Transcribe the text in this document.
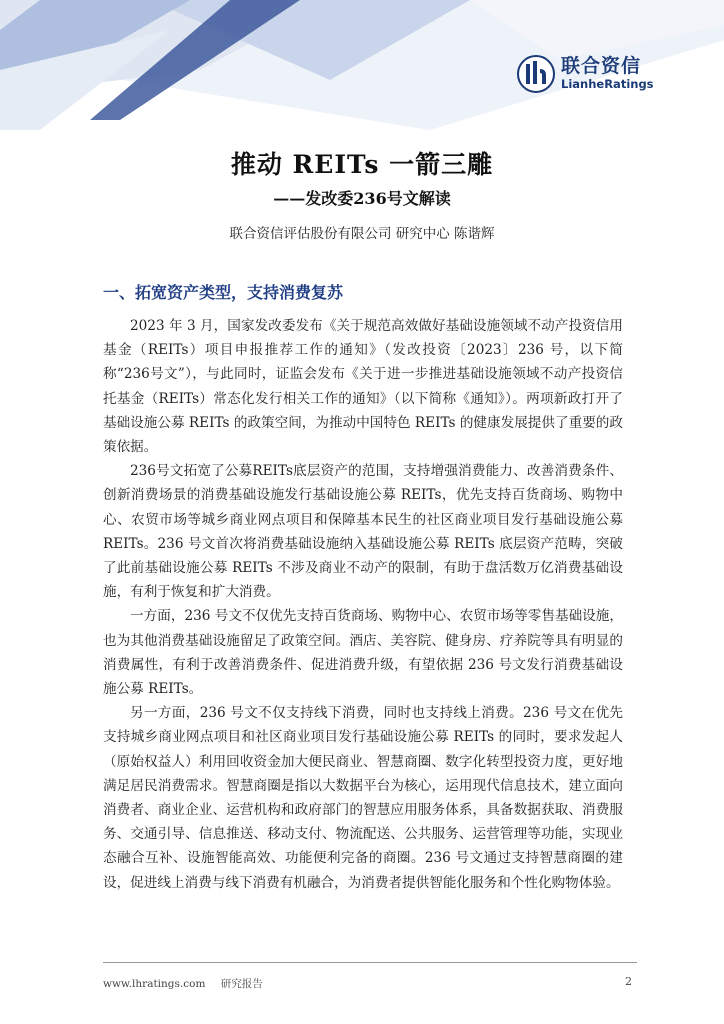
联合资信
LianheRatings
推动 REITs 一箭三雕
——发改委236号文解读
联合资信评估股份有限公司 研究中心 陈谐辉
一、拓宽资产类型，支持消费复苏

2023 年 3 月，国家发改委发布《关于规范高效做好基础设施领域不动产投资信用基金（REITs）项目申报推荐工作的通知》（发改投资〔2023〕236 号，以下简称“236号文”），与此同时，证监会发布《关于进一步推进基础设施领域不动产投资信托基金（REITs）常态化发行相关工作的通知》（以下简称《通知》）。两项新政打开了基础设施公募 REITs 的政策空间，为推动中国特色 REITs 的健康发展提供了重要的政策依据。

236号文拓宽了公募REITs底层资产的范围，支持增强消费能力、改善消费条件、创新消费场景的消费基础设施发行基础设施公募 REITs，优先支持百货商场、购物中心、农贸市场等城乡商业网点项目和保障基本民生的社区商业项目发行基础设施公募REITs。236 号文首次将消费基础设施纳入基础设施公募 REITs 底层资产范畴，突破了此前基础设施公募 REITs 不涉及商业不动产的限制，有助于盘活数万亿消费基础设施，有利于恢复和扩大消费。

一方面，236 号文不仅优先支持百货商场、购物中心、农贸市场等零售基础设施，也为其他消费基础设施留足了政策空间。酒店、美容院、健身房、疗养院等具有明显的消费属性，有利于改善消费条件、促进消费升级，有望依据 236 号文发行消费基础设施公募 REITs。

另一方面，236 号文不仅支持线下消费，同时也支持线上消费。236 号文在优先支持城乡商业网点项目和社区商业项目发行基础设施公募 REITs 的同时，要求发起人（原始权益人）利用回收资金加大便民商业、智慧商圈、数字化转型投资力度，更好地满足居民消费需求。智慧商圈是指以大数据平台为核心，运用现代信息技术，建立面向消费者、商业企业、运营机构和政府部门的智慧应用服务体系，具备数据获取、消费服务、交通引导、信息推送、移动支付、物流配送、公共服务、运营管理等功能，实现业态融合互补、设施智能高效、功能便利完备的商圈。236 号文通过支持智慧商圈的建设，促进线上消费与线下消费有机融合，为消费者提供智能化服务和个性化购物体验。

www.lhratings.com 研究报告	2
